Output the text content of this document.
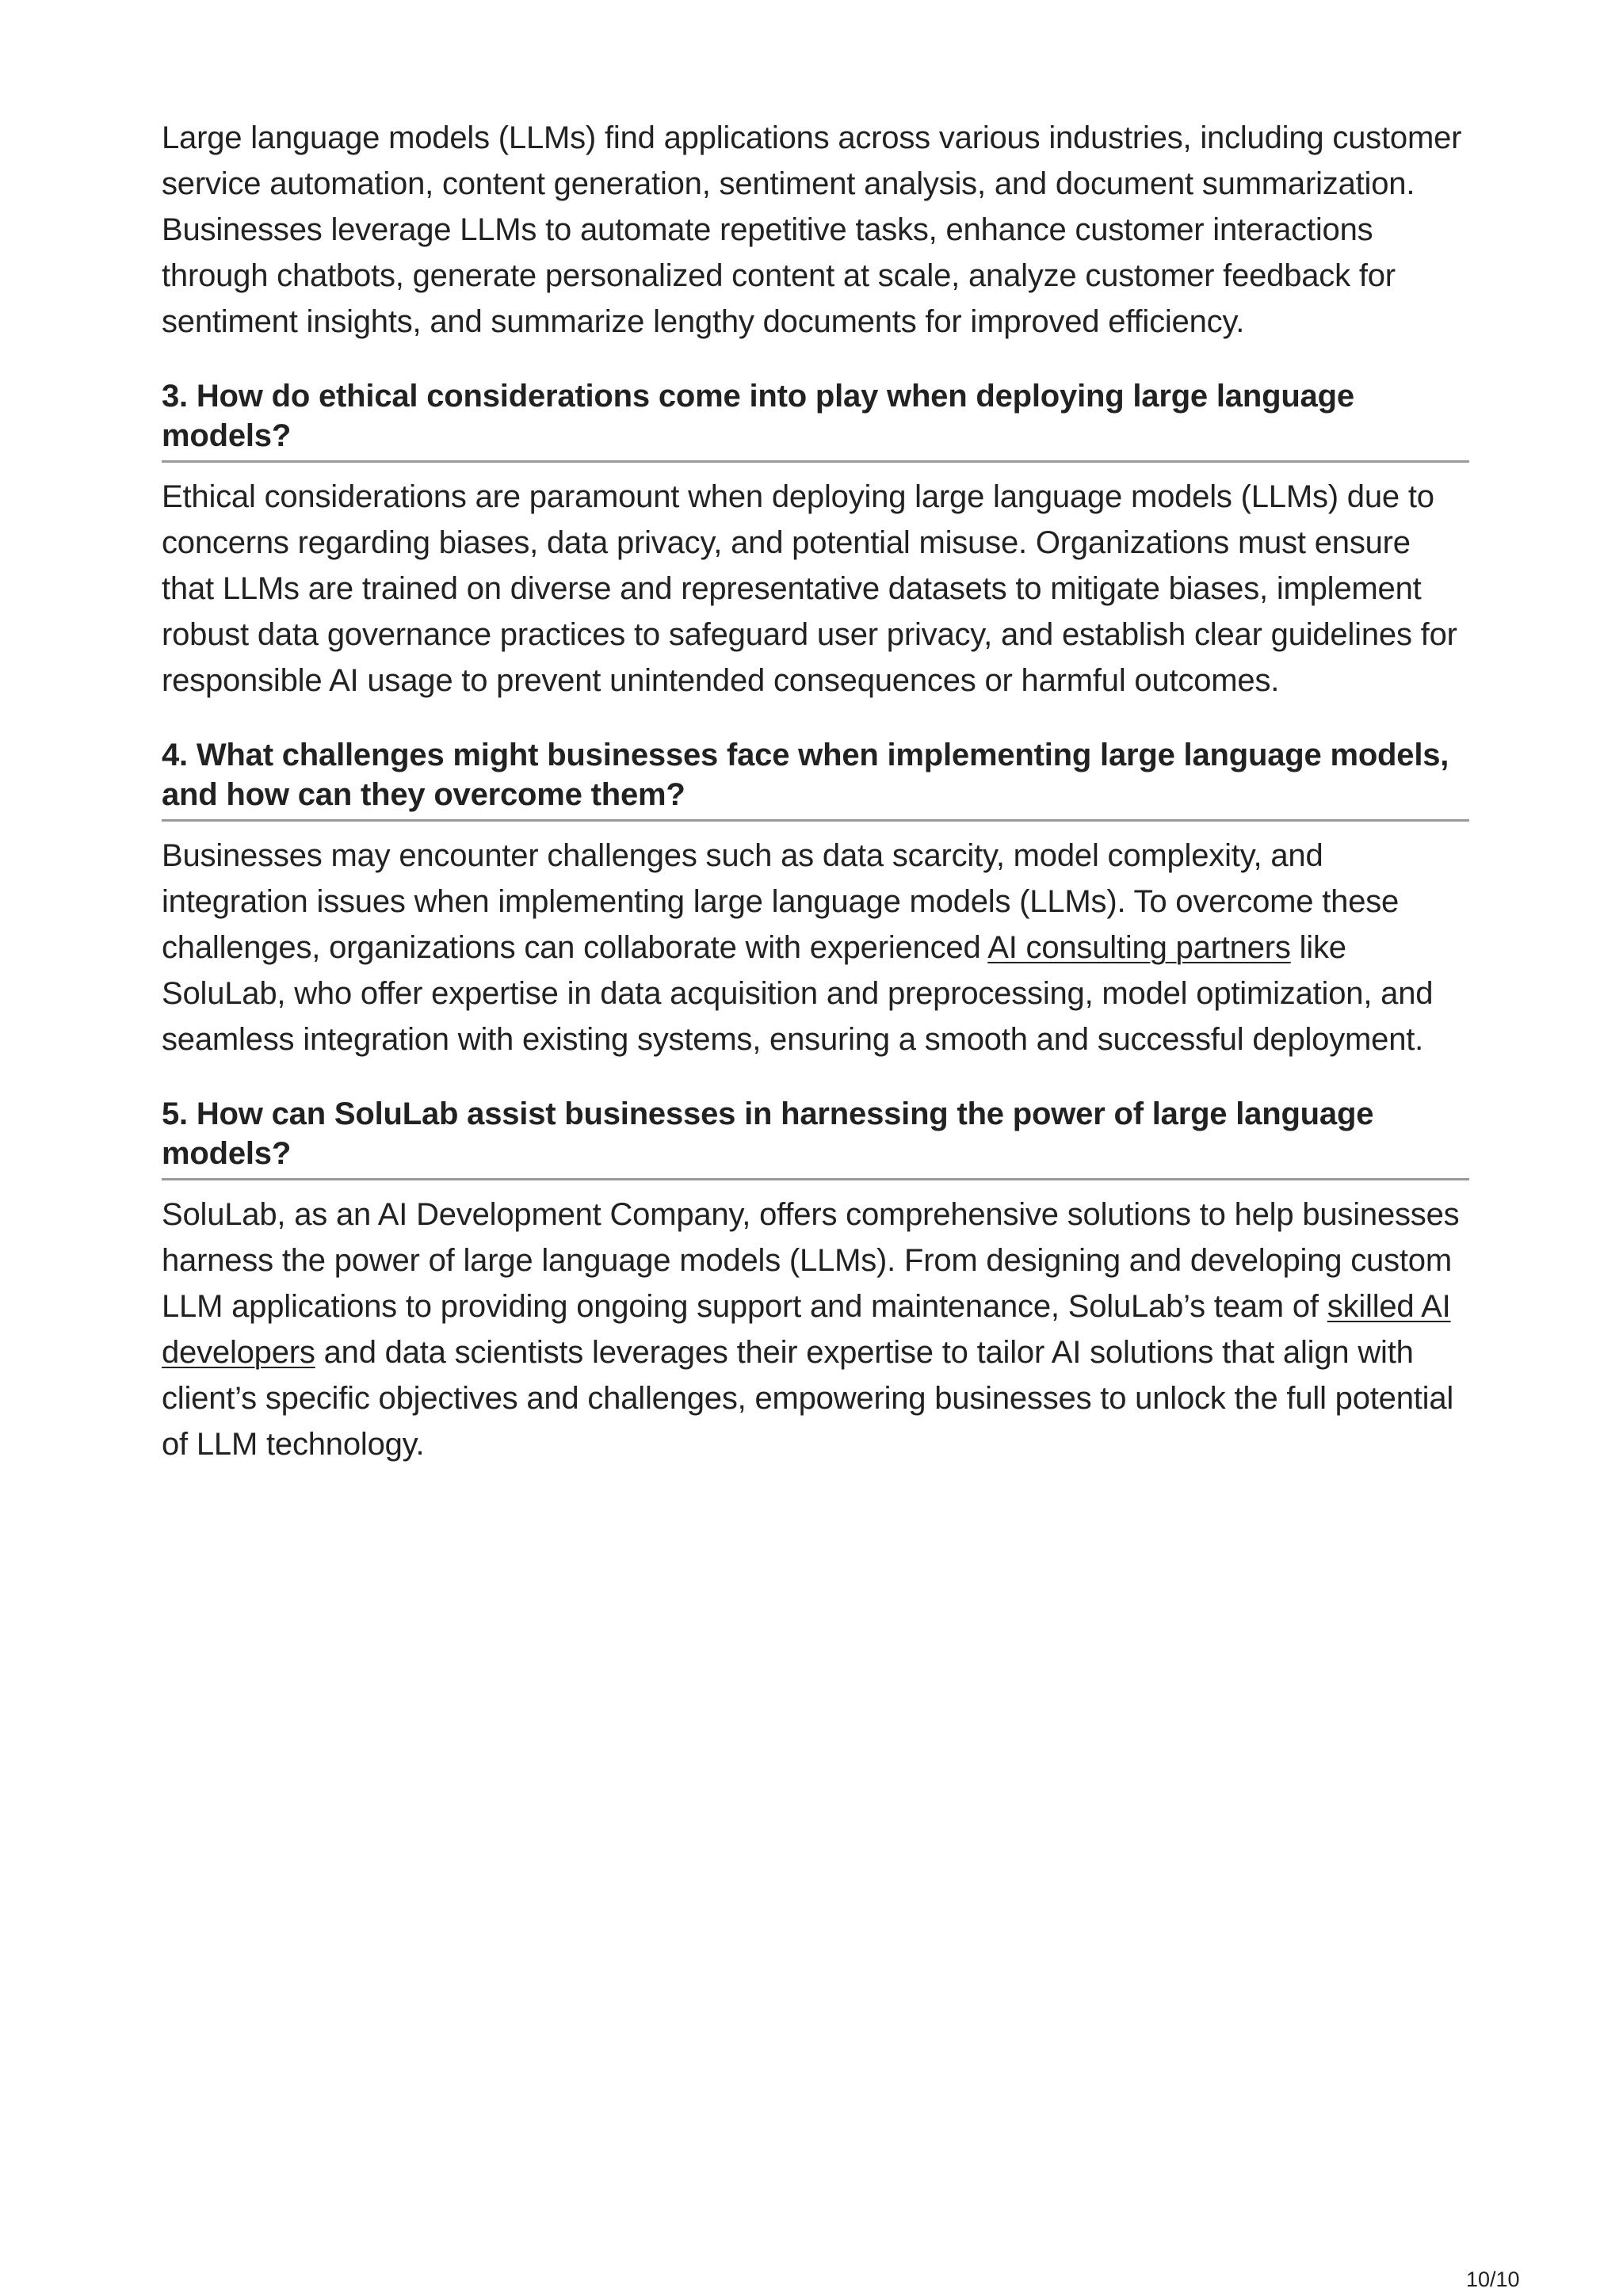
Large language models (LLMs) find applications across various industries, including customer service automation, content generation, sentiment analysis, and document summarization. Businesses leverage LLMs to automate repetitive tasks, enhance customer interactions through chatbots, generate personalized content at scale, analyze customer feedback for sentiment insights, and summarize lengthy documents for improved efficiency.

3. How do ethical considerations come into play when deploying large language models?

Ethical considerations are paramount when deploying large language models (LLMs) due to concerns regarding biases, data privacy, and potential misuse. Organizations must ensure that LLMs are trained on diverse and representative datasets to mitigate biases, implement robust data governance practices to safeguard user privacy, and establish clear guidelines for responsible AI usage to prevent unintended consequences or harmful outcomes.

4. What challenges might businesses face when implementing large language models, and how can they overcome them?

Businesses may encounter challenges such as data scarcity, model complexity, and integration issues when implementing large language models (LLMs). To overcome these challenges, organizations can collaborate with experienced AI consulting partners like SoluLab, who offer expertise in data acquisition and preprocessing, model optimization, and seamless integration with existing systems, ensuring a smooth and successful deployment.

5. How can SoluLab assist businesses in harnessing the power of large language models?

SoluLab, as an AI Development Company, offers comprehensive solutions to help businesses harness the power of large language models (LLMs). From designing and developing custom LLM applications to providing ongoing support and maintenance, SoluLab’s team of skilled AI developers and data scientists leverages their expertise to tailor AI solutions that align with client’s specific objectives and challenges, empowering businesses to unlock the full potential of LLM technology.

10/10
